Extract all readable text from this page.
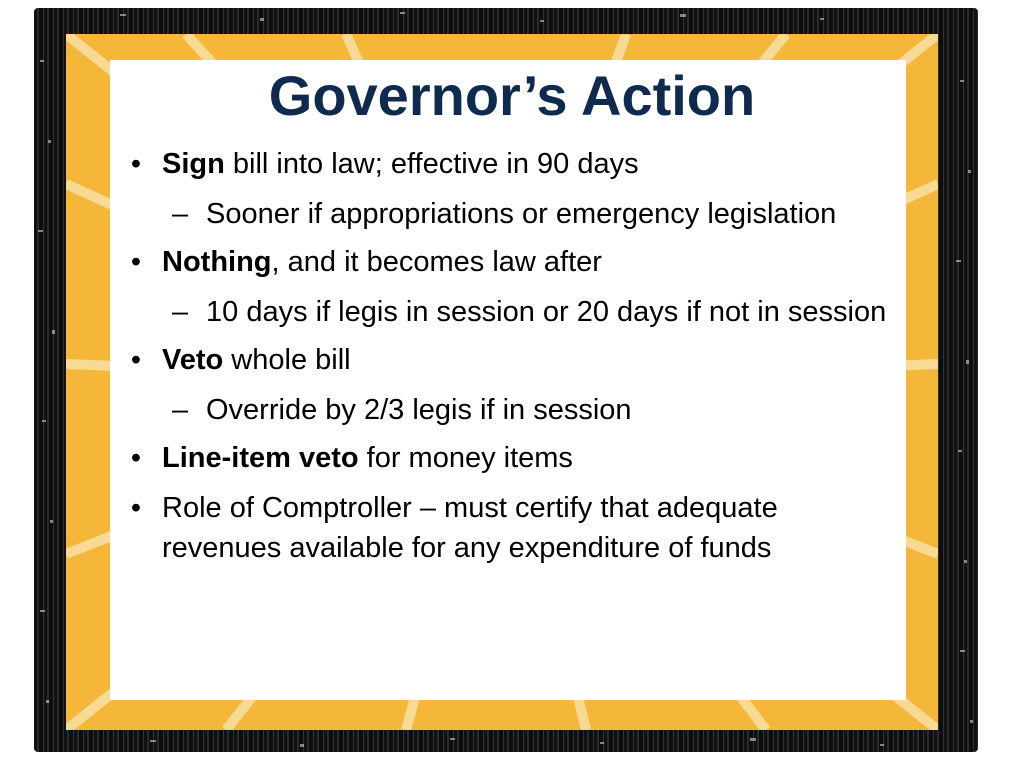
Governor’s Action
• Sign bill into law; effective in 90 days
– Sooner if appropriations or emergency legislation
• Nothing, and it becomes law after
– 10 days if legis in session or 20 days if not in session
• Veto whole bill
– Override by 2/3 legis if in session
• Line-item veto for money items
• Role of Comptroller – must certify that adequate revenues available for any expenditure of funds
